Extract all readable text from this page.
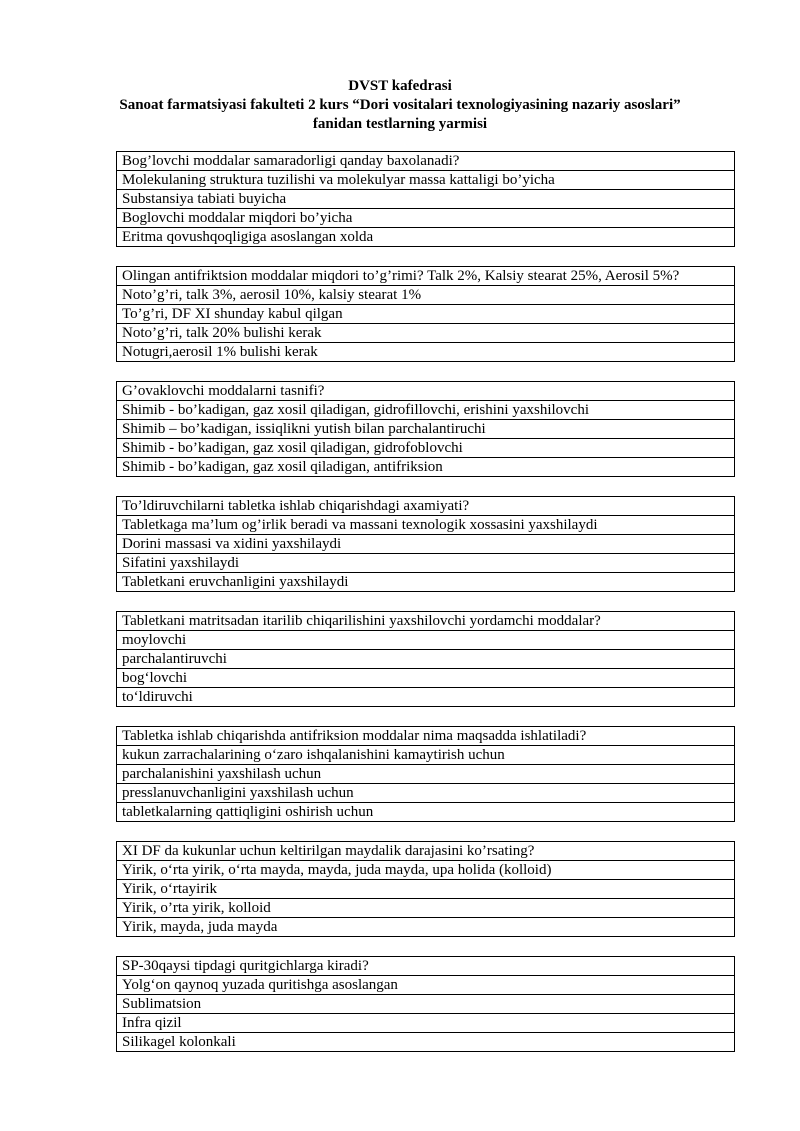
DVST kafedrasi
Sanoat farmatsiyasi fakulteti 2 kurs “Dori vositalari texnologiyasining nazariy asoslari”
fanidan testlarning yarmisi
Bog’lovchi moddalar samaradorligi qanday baxolanadi?
Molekulaning struktura tuzilishi va molekulyar massa kattaligi bo’yicha
Substansiya tabiati buyicha
Boglovchi moddalar miqdori bo’yicha
Eritma qovushqoqligiga asoslangan xolda
Olingan antifriktsion moddalar miqdori to’g’rimi? Talk 2%, Kalsiy stearat 25%, Aerosil 5%?
Noto’g’ri, talk 3%, aerosil 10%, kalsiy stearat 1%
To’g’ri, DF XI shunday kabul qilgan
Noto’g’ri, talk 20% bulishi kerak
Notugri,aerosil 1% bulishi kerak
G’ovaklovchi moddalarni tasnifi?
Shimib - bo’kadigan, gaz xosil qiladigan, gidrofillovchi, erishini yaxshilovchi
Shimib – bo’kadigan, issiqlikni yutish bilan parchalantiruchi
Shimib - bo’kadigan, gaz xosil qiladigan, gidrofoblovchi
Shimib - bo’kadigan, gaz xosil qiladigan, antifriksion
To’ldiruvchilarni tabletka ishlab chiqarishdagi axamiyati?
Tabletkaga ma’lum og’irlik beradi va massani texnologik xossasini yaxshilaydi
Dorini massasi va xidini yaxshilaydi
Sifatini yaxshilaydi
Tabletkani eruvchanligini yaxshilaydi
Tabletkani matritsadan itarilib chiqarilishini yaxshilovchi yordamchi moddalar?
moylovchi
parchalantiruvchi
bog‘lovchi
to‘ldiruvchi
Tabletka ishlab chiqarishda antifriksion moddalar nima maqsadda ishlatiladi?
kukun zarrachalarining o‘zaro ishqalanishini kamaytirish uchun
parchalanishini yaxshilash uchun
presslanuvchanligini yaxshilash uchun
tabletkalarning qattiqligini oshirish uchun
XI DF da kukunlar uchun keltirilgan maydalik darajasini ko’rsating?
Yirik, o‘rta yirik, o‘rta mayda, mayda, juda mayda, upa holida (kolloid)
Yirik, o‘rtayirik
Yirik, o’rta yirik, kolloid
Yirik, mayda, juda mayda
SP-30qaysi tipdagi quritgichlarga kiradi?
Yolg‘on qaynoq yuzada quritishga asoslangan
Sublimatsion
Infra qizil
Silikagel kolonkali
